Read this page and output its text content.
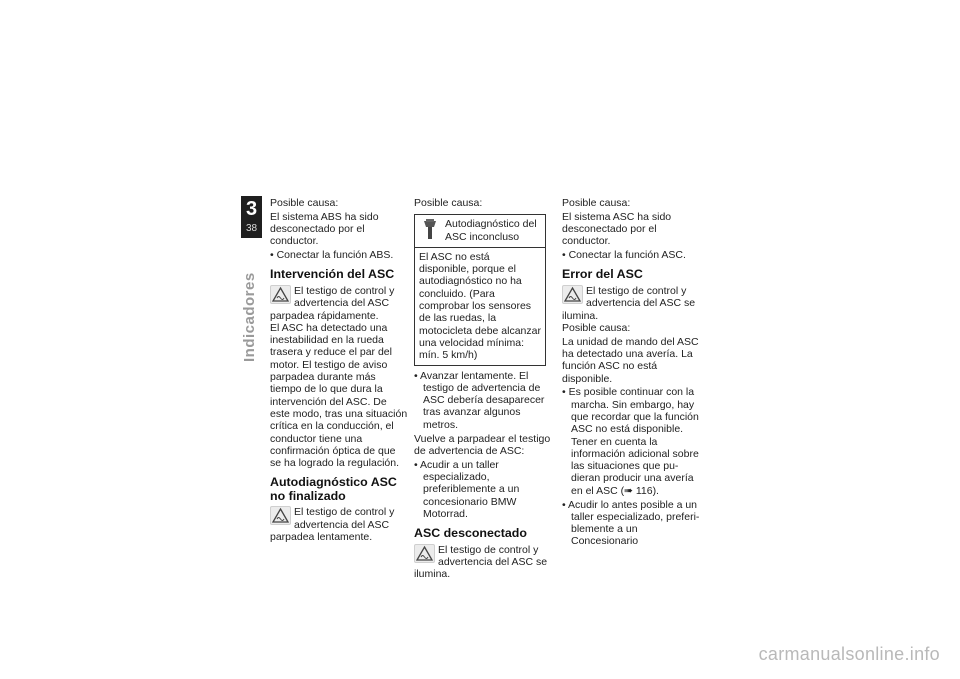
3
38
Indicadores

Posible causa:

El sistema ABS ha sido desconectado por el conductor.

• Conectar la función ABS.

Intervención del ASC
El testigo de control y advertencia del ASC parpadea rápidamente.

El ASC ha detectado una inestabilidad en la rueda trasera y reduce el par del motor. El testigo de aviso parpadea durante más tiempo de lo que dura la intervención del ASC. De este modo, tras una situación crítica en la conducción, el conductor tiene una confirmación óptica de que se ha logrado la regulación.

Autodiagnóstico ASC no finalizado
El testigo de control y advertencia del ASC parpadea lentamente.

Posible causa:

Autodiagnóstico del ASC inconcluso
El ASC no está disponible, porque el autodiagnóstico no ha concluido. (Para comprobar los sensores de las ruedas, la motocicleta debe alcanzar una velocidad mínima: mín. 5 km/h)

• Avanzar lentamente. El testigo de advertencia de ASC debería desaparecer tras avanzar algunos metros.

Vuelve a parpadear el testigo de advertencia de ASC:

• Acudir a un taller especializado, preferiblemente a un concesionario BMW Motorrad.

ASC desconectado
El testigo de control y advertencia del ASC se ilumina.

Posible causa:

El sistema ASC ha sido desconectado por el conductor.

• Conectar la función ASC.

Error del ASC
El testigo de control y advertencia del ASC se ilumina.

Posible causa:

La unidad de mando del ASC ha detectado una avería. La función ASC no está disponible.

• Es posible continuar con la marcha. Sin embargo, hay que recordar que la función ASC no está disponible. Tener en cuenta la información adicional sobre las situaciones que pudieran producir una avería en el ASC (➠ 116).

• Acudir lo antes posible a un taller especializado, preferiblemente a un Concesionario

carmanualsonline.info
